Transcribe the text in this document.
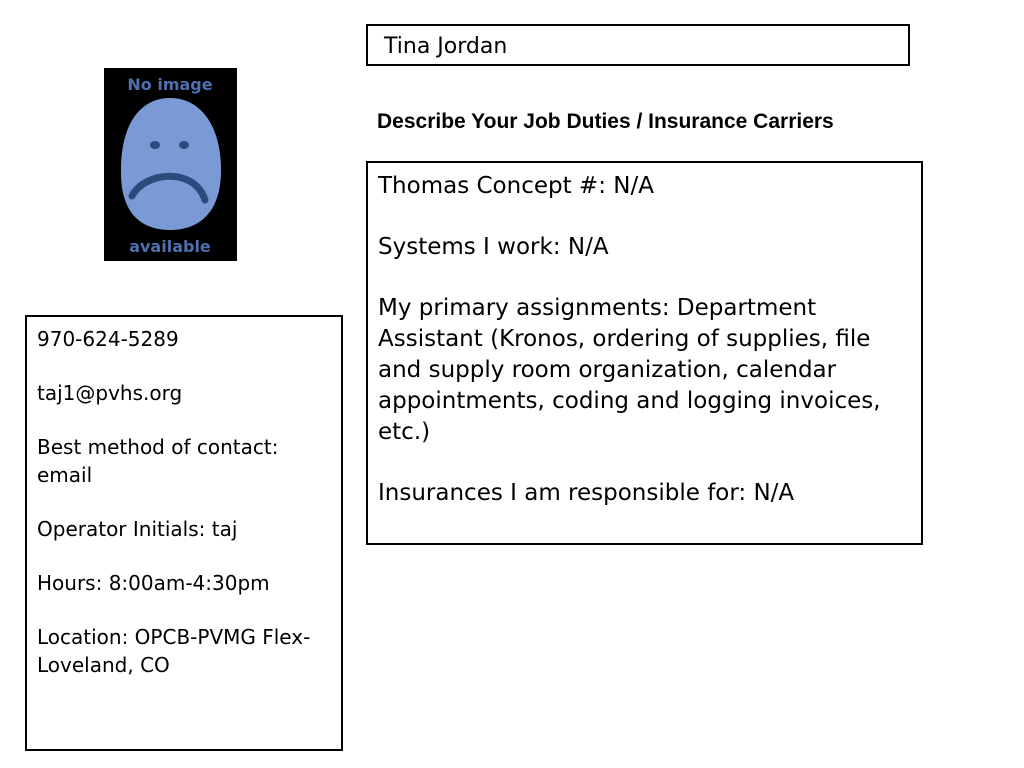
Tina Jordan
No image
available
Describe Your Job Duties / Insurance Carriers

Thomas Concept #: N/A

Systems I work: N/A

My primary assignments: Department Assistant (Kronos, ordering of supplies, file and supply room organization, calendar appointments, coding and logging invoices, etc.)

Insurances I am responsible for: N/A

970-624-5289

taj1@pvhs.org

Best method of contact: email

Operator Initials: taj

Hours: 8:00am-4:30pm

Location: OPCB-PVMG Flex-Loveland, CO
